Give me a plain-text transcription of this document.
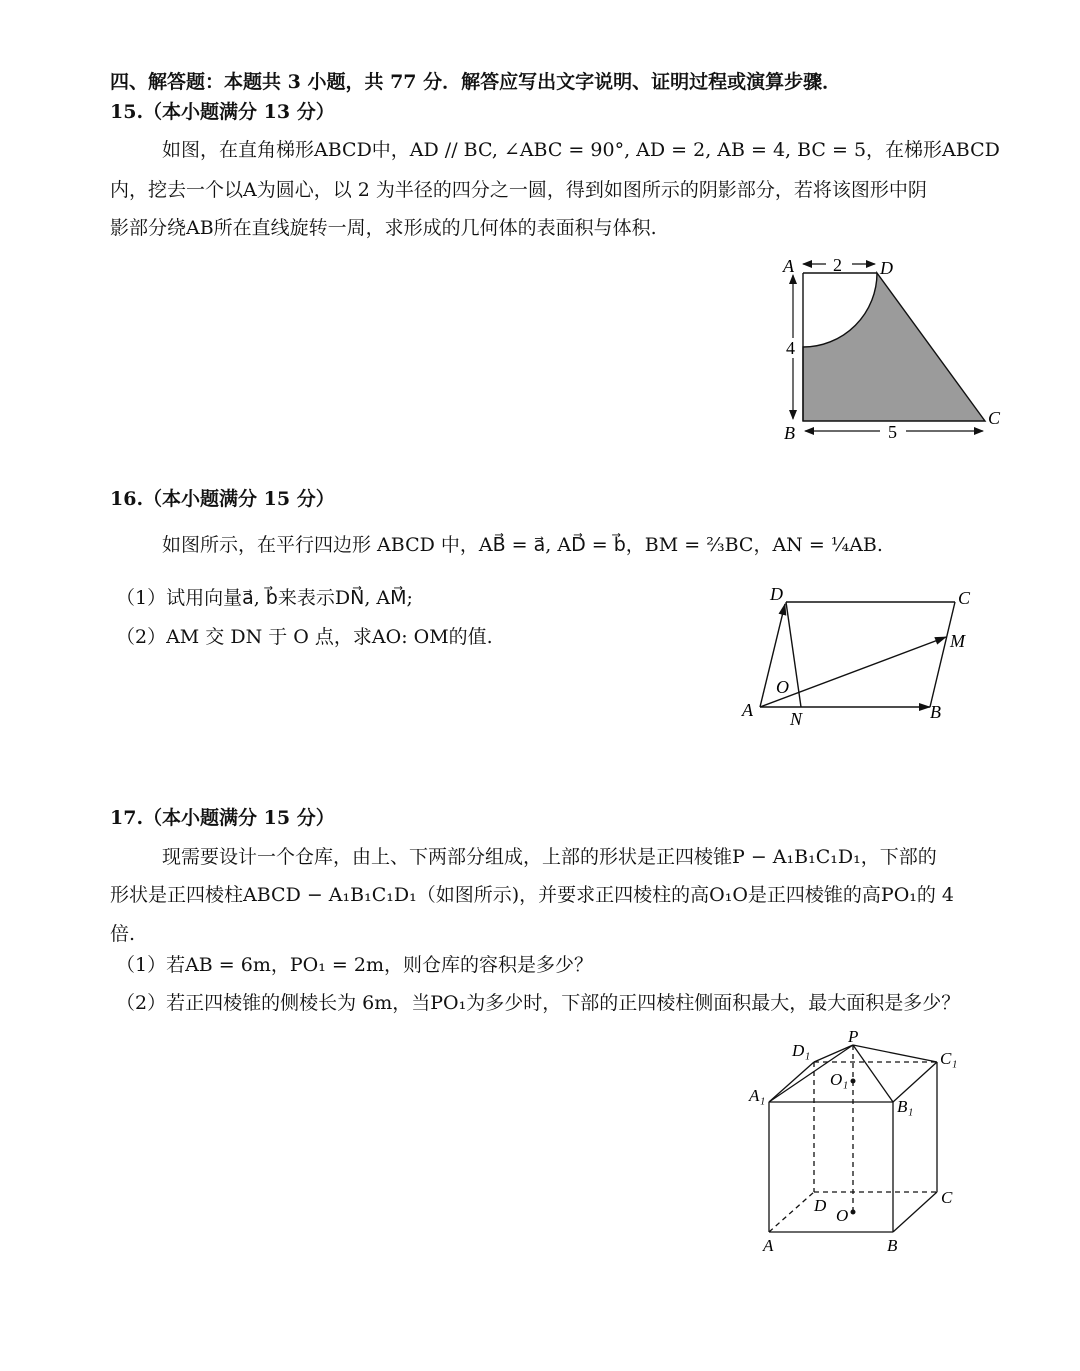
四、解答题：本题共 3 小题，共 77 分．解答应写出文字说明、证明过程或演算步骤．
15.（本小题满分 13 分）
如图，在直角梯形ABCD中，AD // BC, ∠ABC = 90°, AD = 2, AB = 4, BC = 5，在梯形ABCD
内，挖去一个以A为圆心，以 2 为半径的四分之一圆，得到如图所示的阴影部分，若将该图形中阴
影部分绕AB所在直线旋转一周，求形成的几何体的表面积与体积.
A	D
B
C
2
4
5
16.（本小题满分 15 分）
如图所示，在平行四边形 ABCD 中，AB⃗ = a⃗, AD⃗ = b⃗，BM = ²⁄₃BC，AN = ¹⁄₄AB.
（1）试用向量a⃗, b⃗来表示DN⃗, AM⃗;
（2）AM 交 DN 于 O 点，求AO: OM的值.
A	B
C
D
M
N
O
17.（本小题满分 15 分）
现需要设计一个仓库，由上、下两部分组成，上部的形状是正四棱锥P − A₁B₁C₁D₁，下部的
形状是正四棱柱ABCD − A₁B₁C₁D₁（如图所示)，并要求正四棱柱的高O₁O是正四棱锥的高PO₁的 4
倍.
（1）若AB = 6m，PO₁ = 2m，则仓库的容积是多少？
（2）若正四棱锥的侧棱长为 6m，当PO₁为多少时，下部的正四棱柱侧面积最大，最大面积是多少？
P
A₁
B₁
C₁
D₁
O₁
A	B
C
D
O
